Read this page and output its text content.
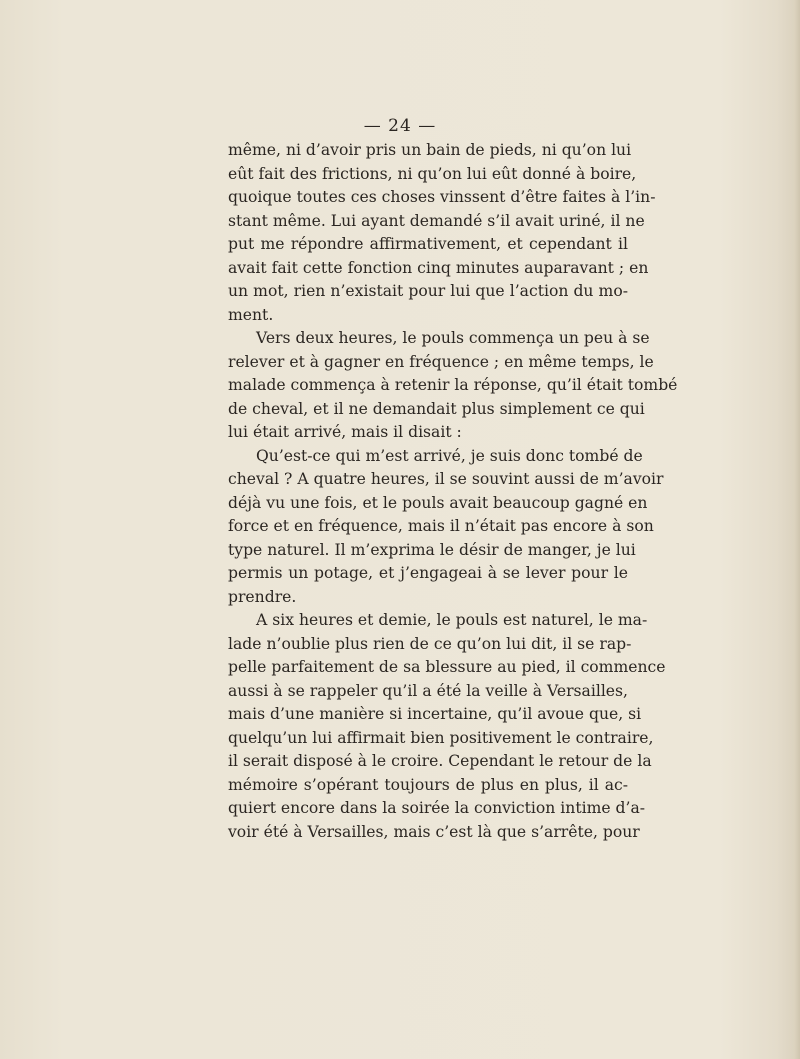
— 24 —
même, ni d’avoir pris un bain de pieds, ni qu’on lui
eût fait des frictions, ni qu’on lui eût donné à boire,
quoique toutes ces choses vinssent d’être faites à l’in-
stant même. Lui ayant demandé s’il avait uriné, il ne
put me répondre affirmativement, et cependant il
avait fait cette fonction cinq minutes auparavant ; en
un mot, rien n’existait pour lui que l’action du mo-
ment.
Vers deux heures, le pouls commença un peu à se
relever et à gagner en fréquence ; en même temps, le
malade commença à retenir la réponse, qu’il était tombé
de cheval, et il ne demandait plus simplement ce qui
lui était arrivé, mais il disait :
Qu’est-ce qui m’est arrivé, je suis donc tombé de
cheval ? A quatre heures, il se souvint aussi de m’avoir
déjà vu une fois, et le pouls avait beaucoup gagné en
force et en fréquence, mais il n’était pas encore à son
type naturel. Il m’exprima le désir de manger, je lui
permis un potage, et j’engageai à se lever pour le
prendre.
A six heures et demie, le pouls est naturel, le ma-
lade n’oublie plus rien de ce qu’on lui dit, il se rap-
pelle parfaitement de sa blessure au pied, il commence
aussi à se rappeler qu’il a été la veille à Versailles,
mais d’une manière si incertaine, qu’il avoue que, si
quelqu’un lui affirmait bien positivement le contraire,
il serait disposé à le croire. Cependant le retour de la
mémoire s’opérant toujours de plus en plus, il ac-
quiert encore dans la soirée la conviction intime d’a-
voir été à Versailles, mais c’est là que s’arrête, pour
